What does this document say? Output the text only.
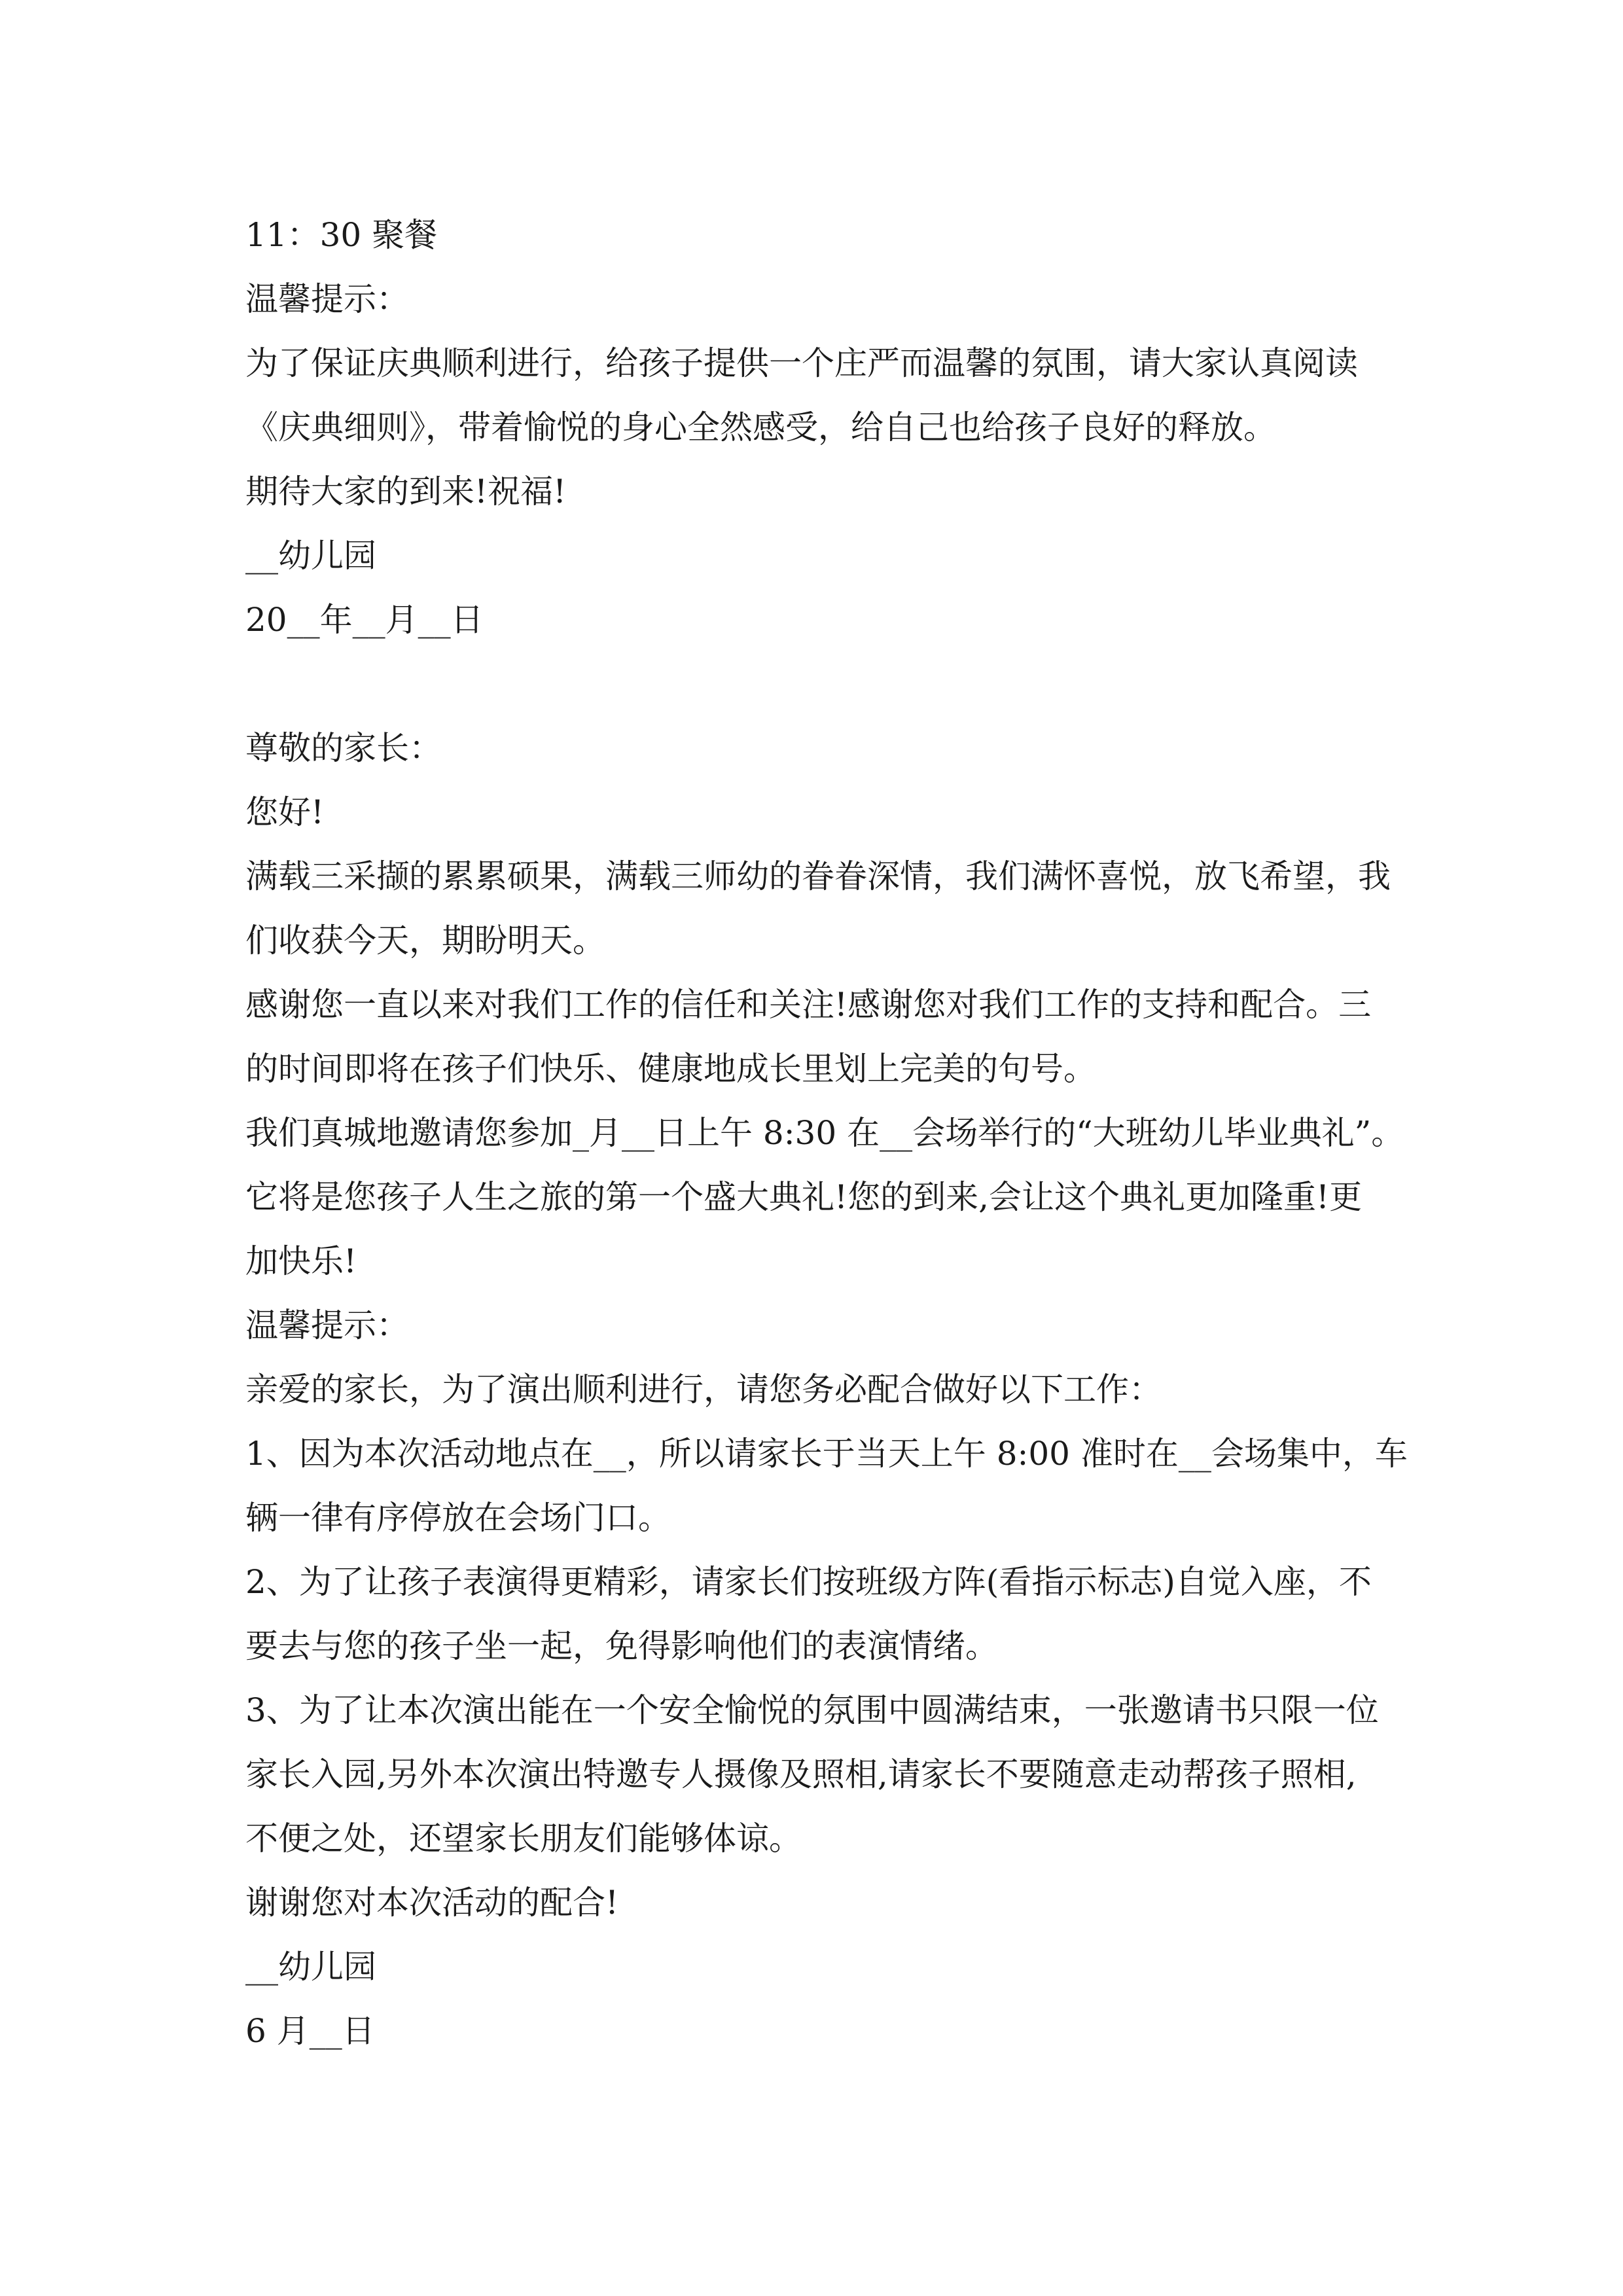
11：30 聚餐
温馨提示：
为了保证庆典顺利进行，给孩子提供一个庄严而温馨的氛围，请大家认真阅读
《庆典细则》，带着愉悦的身心全然感受，给自己也给孩子良好的释放。
期待大家的到来!祝福!
__幼儿园
20__年__月__日
尊敬的家长：
您好!
满载三采撷的累累硕果，满载三师幼的眷眷深情，我们满怀喜悦，放飞希望，我
们收获今天，期盼明天。
感谢您一直以来对我们工作的信任和关注!感谢您对我们工作的支持和配合。三
的时间即将在孩子们快乐、健康地成长里划上完美的句号。
我们真城地邀请您参加_月__日上午 8:30 在__会场举行的“大班幼儿毕业典礼”。
它将是您孩子人生之旅的第一个盛大典礼!您的到来,会让这个典礼更加隆重!更
加快乐!
温馨提示：
亲爱的家长，为了演出顺利进行，请您务必配合做好以下工作：
1、因为本次活动地点在__，所以请家长于当天上午 8:00 准时在__会场集中，车
辆一律有序停放在会场门口。
2、为了让孩子表演得更精彩，请家长们按班级方阵(看指示标志)自觉入座，不
要去与您的孩子坐一起，免得影响他们的表演情绪。
3、为了让本次演出能在一个安全愉悦的氛围中圆满结束，一张邀请书只限一位
家长入园,另外本次演出特邀专人摄像及照相,请家长不要随意走动帮孩子照相,
不便之处，还望家长朋友们能够体谅。
谢谢您对本次活动的配合!
__幼儿园
6 月__日
